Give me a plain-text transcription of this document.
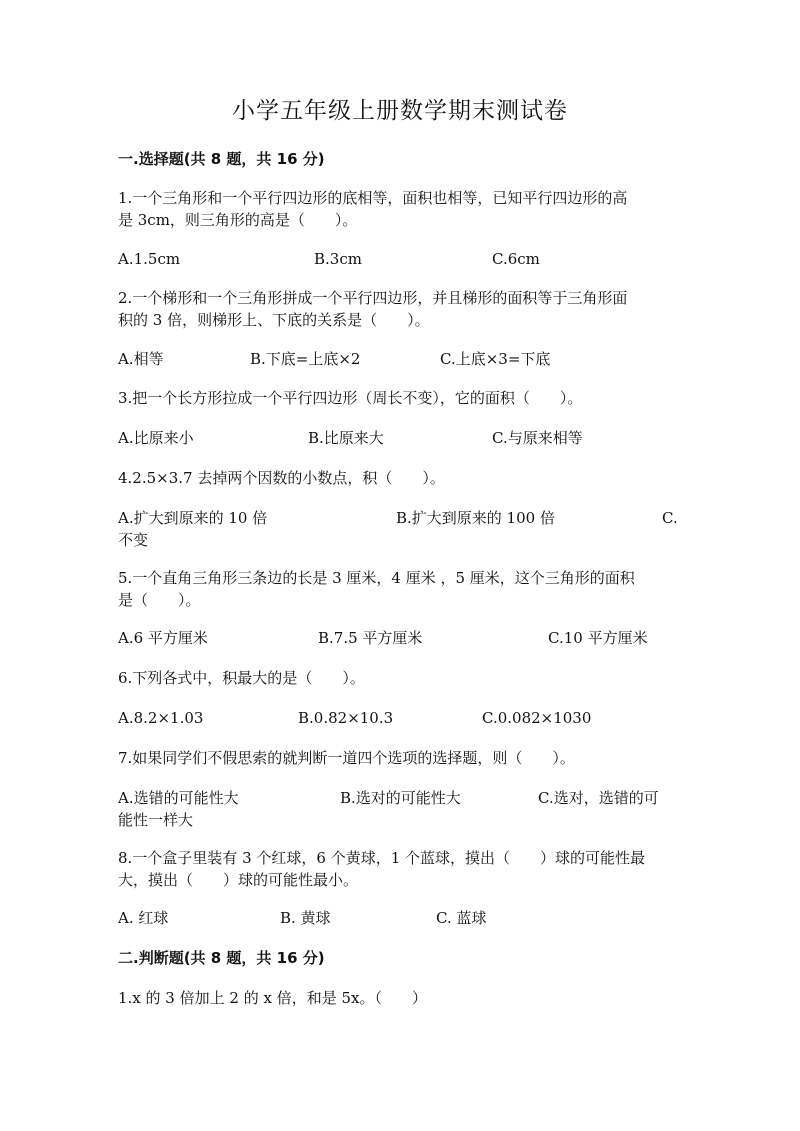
小学五年级上册数学期末测试卷
一.选择题(共 8 题，共 16 分)
1.一个三角形和一个平行四边形的底相等，面积也相等，已知平行四边形的高
是 3cm，则三角形的高是（　　）。
A.1.5cm	B.3cm	C.6cm
2.一个梯形和一个三角形拼成一个平行四边形，并且梯形的面积等于三角形面
积的 3 倍，则梯形上、下底的关系是（　　）。
A.相等	B.下底=上底×2	C.上底×3=下底
3.把一个长方形拉成一个平行四边形（周长不变），它的面积（　　）。
A.比原来小	B.比原来大	C.与原来相等
4.2.5×3.7 去掉两个因数的小数点，积（　　）。
A.扩大到原来的 10 倍	B.扩大到原来的 100 倍	C.
不变
5.一个直角三角形三条边的长是 3 厘米，4 厘米 ，5 厘米，这个三角形的面积
是（　　）。
A.6 平方厘米	B.7.5 平方厘米	C.10 平方厘米
6.下列各式中，积最大的是（　　）。
A.8.2×1.03	B.0.82×10.3	C.0.082×1030
7.如果同学们不假思索的就判断一道四个选项的选择题，则（　　）。
A.选错的可能性大	B.选对的可能性大	C.选对，选错的可
能性一样大
8.一个盒子里装有 3 个红球，6 个黄球，1 个蓝球，摸出（　　）球的可能性最
大，摸出（　　）球的可能性最小。
A. 红球	B. 黄球	C. 蓝球
二.判断题(共 8 题，共 16 分)
1.x 的 3 倍加上 2 的 x 倍，和是 5x。（　　）
